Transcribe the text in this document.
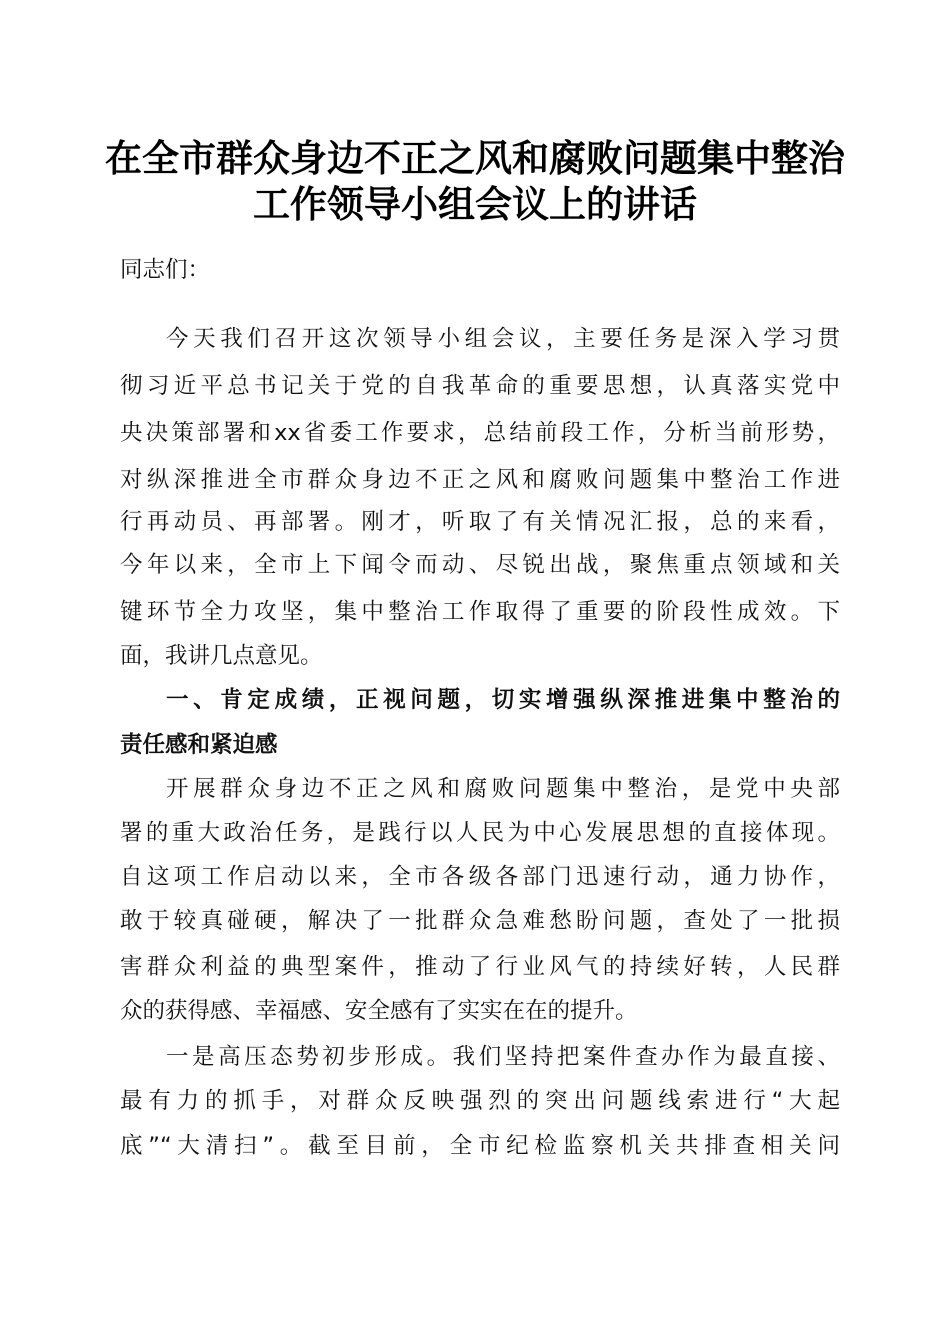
在全市群众身边不正之风和腐败问题集中整治
工作领导小组会议上的讲话
同志们：
今天我们召开这次领导小组会议，主要任务是深入学习贯
彻习近平总书记关于党的自我革命的重要思想，认真落实党中
央决策部署和xx省委工作要求，总结前段工作，分析当前形势，
对纵深推进全市群众身边不正之风和腐败问题集中整治工作进
行再动员、再部署。刚才，听取了有关情况汇报，总的来看，
今年以来，全市上下闻令而动、尽锐出战，聚焦重点领域和关
键环节全力攻坚，集中整治工作取得了重要的阶段性成效。下
面，我讲几点意见。
一、肯定成绩，正视问题，切实增强纵深推进集中整治的
责任感和紧迫感
开展群众身边不正之风和腐败问题集中整治，是党中央部
署的重大政治任务，是践行以人民为中心发展思想的直接体现。
自这项工作启动以来，全市各级各部门迅速行动，通力协作，
敢于较真碰硬，解决了一批群众急难愁盼问题，查处了一批损
害群众利益的典型案件，推动了行业风气的持续好转，人民群
众的获得感、幸福感、安全感有了实实在在的提升。
一是高压态势初步形成。我们坚持把案件查办作为最直接、
最有力的抓手，对群众反映强烈的突出问题线索进行“大起
底”“大清扫”。截至目前，全市纪检监察机关共排查相关问
